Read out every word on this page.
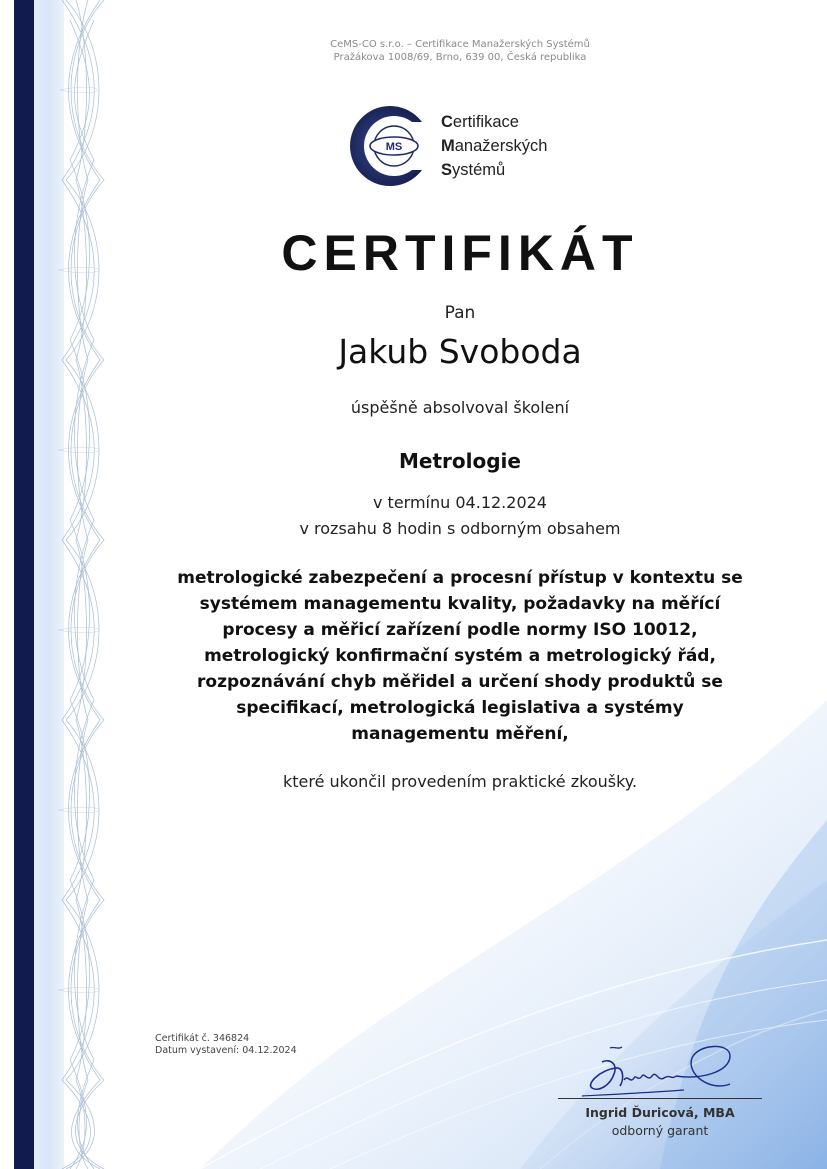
CeMS-CO s.r.o. – Certifikace Manažerských Systémů
Pražákova 1008/69, Brno, 639 00, Česká republika
MS
Certifikace
Manažerských
Systémů
CERTIFIKÁT
Pan
Jakub Svoboda
úspěšně absolvoval školení
Metrologie
v termínu 04.12.2024
v rozsahu 8 hodin s odborným obsahem
metrologické zabezpečení a procesní přístup v kontextu se
systémem managementu kvality, požadavky na měřící
procesy a měřicí zařízení podle normy ISO 10012,
metrologický konfirmační systém a metrologický řád,
rozpoznávání chyb měřidel a určení shody produktů se
specifikací, metrologická legislativa a systémy
managementu měření,
které ukončil provedením praktické zkoušky.
Certifikát č. 346824
Datum vystavení: 04.12.2024
Ingrid Ďuricová, MBA
odborný garant
